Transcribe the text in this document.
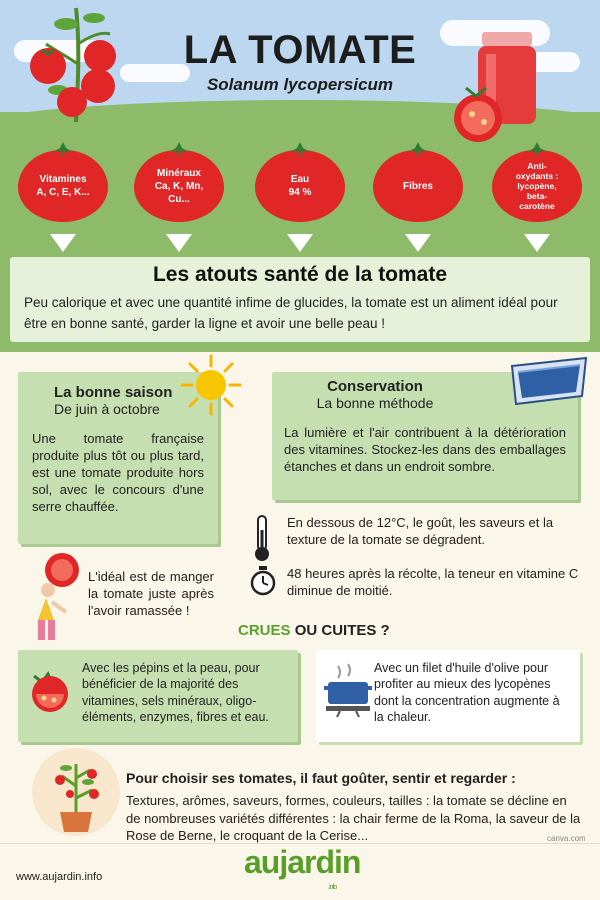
LA TOMATE
Solanum lycopersicum
Vitamines
A, C, E, K...
Minéraux
Ca, K, Mn,
Cu...
Eau
94 %
Fibres
Anti-
oxydants :
lycopène,
beta-
carotène
Les atouts santé de la tomate

Peu calorique et avec une quantité infime de glucides, la tomate est un aliment idéal pour être en bonne santé, garder la ligne et avoir une belle peau !

La bonne saison
De juin à octobre

Une tomate française produite plus tôt ou plus tard, est une tomate produite hors sol, avec le concours d'une serre chauffée.

Conservation
La bonne méthode

La lumière et l'air contribuent à la détérioration des vitamines. Stockez-les dans des emballages étanches et dans un endroit sombre.

En dessous de 12°C, le goût, les saveurs et la texture de la tomate se dégradent.
48 heures après la récolte, la teneur en vitamine C diminue de moitié.
L'idéal est de manger la tomate juste après l'avoir ramassée !
CRUES OU CUITES ?

Avec les pépins et la peau, pour bénéficier de la majorité des vitamines, sels minéraux, oligo-éléments, enzymes, fibres et eau.

Avec un filet d'huile d'olive pour profiter au mieux des lycopènes dont la concentration augmente à la chaleur.

Pour choisir ses tomates, il faut goûter, sentir et regarder :
Textures, arômes, saveurs, formes, couleurs, tailles : la tomate se décline en de nombreuses variétés différentes : la chair ferme de la Roma, la saveur de la Rose de Berne, le croquant de la Cerise...	canva.com
www.aujardin.info	aujardin
.info
